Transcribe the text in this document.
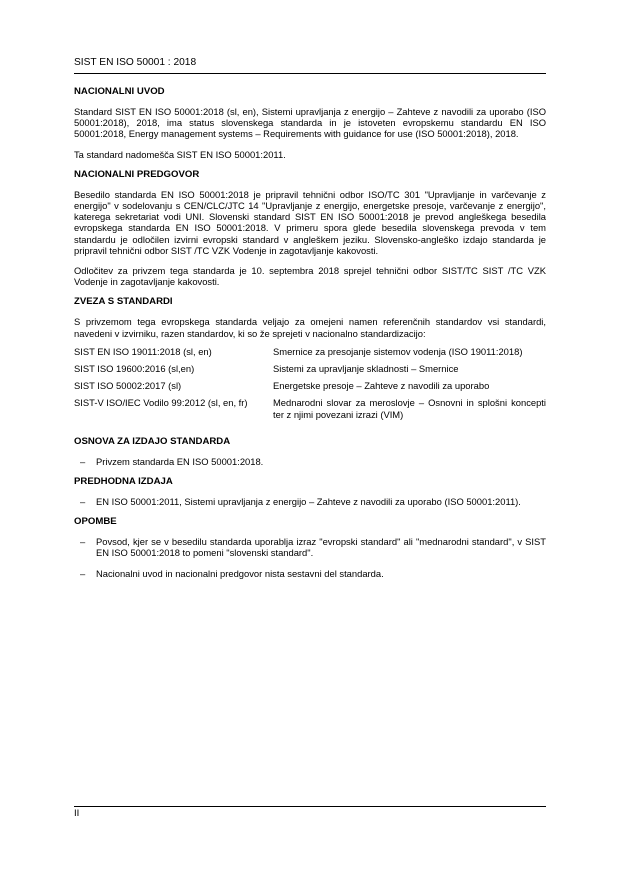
SIST EN ISO 50001 : 2018
NACIONALNI UVOD

Standard SIST EN ISO 50001:2018 (sl, en), Sistemi upravljanja z energijo – Zahteve z navodili za uporabo (ISO 50001:2018), 2018, ima status slovenskega standarda in je istoveten evropskemu standardu EN ISO 50001:2018, Energy management systems – Requirements with guidance for use (ISO 50001:2018), 2018.

Ta standard nadomešča SIST EN ISO 50001:2011.

NACIONALNI PREDGOVOR

Besedilo standarda EN ISO 50001:2018 je pripravil tehnični odbor ISO/TC 301 "Upravljanje in varčevanje z energijo" v sodelovanju s CEN/CLC/JTC 14 "Upravljanje z energijo, energetske presoje, varčevanje z energijo", katerega sekretariat vodi UNI. Slovenski standard SIST EN ISO 50001:2018 je prevod angleškega besedila evropskega standarda EN ISO 50001:2018. V primeru spora glede besedila slovenskega prevoda v tem standardu je odločilen izvirni evropski standard v angleškem jeziku. Slovensko-angleško izdajo standarda je pripravil tehnični odbor SIST /TC VZK Vodenje in zagotavljanje kakovosti.

Odločitev za privzem tega standarda je 10. septembra 2018 sprejel tehnični odbor SIST/TC SIST /TC VZK Vodenje in zagotavljanje kakovosti.

ZVEZA S STANDARDI

S privzemom tega evropskega standarda veljajo za omejeni namen referenčnih standardov vsi standardi, navedeni v izvirniku, razen standardov, ki so že sprejeti v nacionalno standardizacijo:

SIST EN ISO 19011:2018 (sl, en)	Smernice za presojanje sistemov vodenja (ISO 19011:2018)
SIST ISO 19600:2016 (sl,en)	Sistemi za upravljanje skladnosti – Smernice
SIST ISO 50002:2017 (sl)	Energetske presoje – Zahteve z navodili za uporabo
SIST-V ISO/IEC Vodilo 99:2012 (sl, en, fr)	Mednarodni slovar za meroslovje – Osnovni in splošni koncepti ter z njimi povezani izrazi (VIM)
OSNOVA ZA IZDAJO STANDARDA
– Privzem standarda EN ISO 50001:2018.
PREDHODNA IZDAJA
– EN ISO 50001:2011, Sistemi upravljanja z energijo – Zahteve z navodili za uporabo (ISO 50001:2011).
OPOMBE
– Povsod, kjer se v besedilu standarda uporablja izraz "evropski standard" ali "mednarodni standard", v SIST EN ISO 50001:2018 to pomeni "slovenski standard".
– Nacionalni uvod in nacionalni predgovor nista sestavni del standarda.
II
